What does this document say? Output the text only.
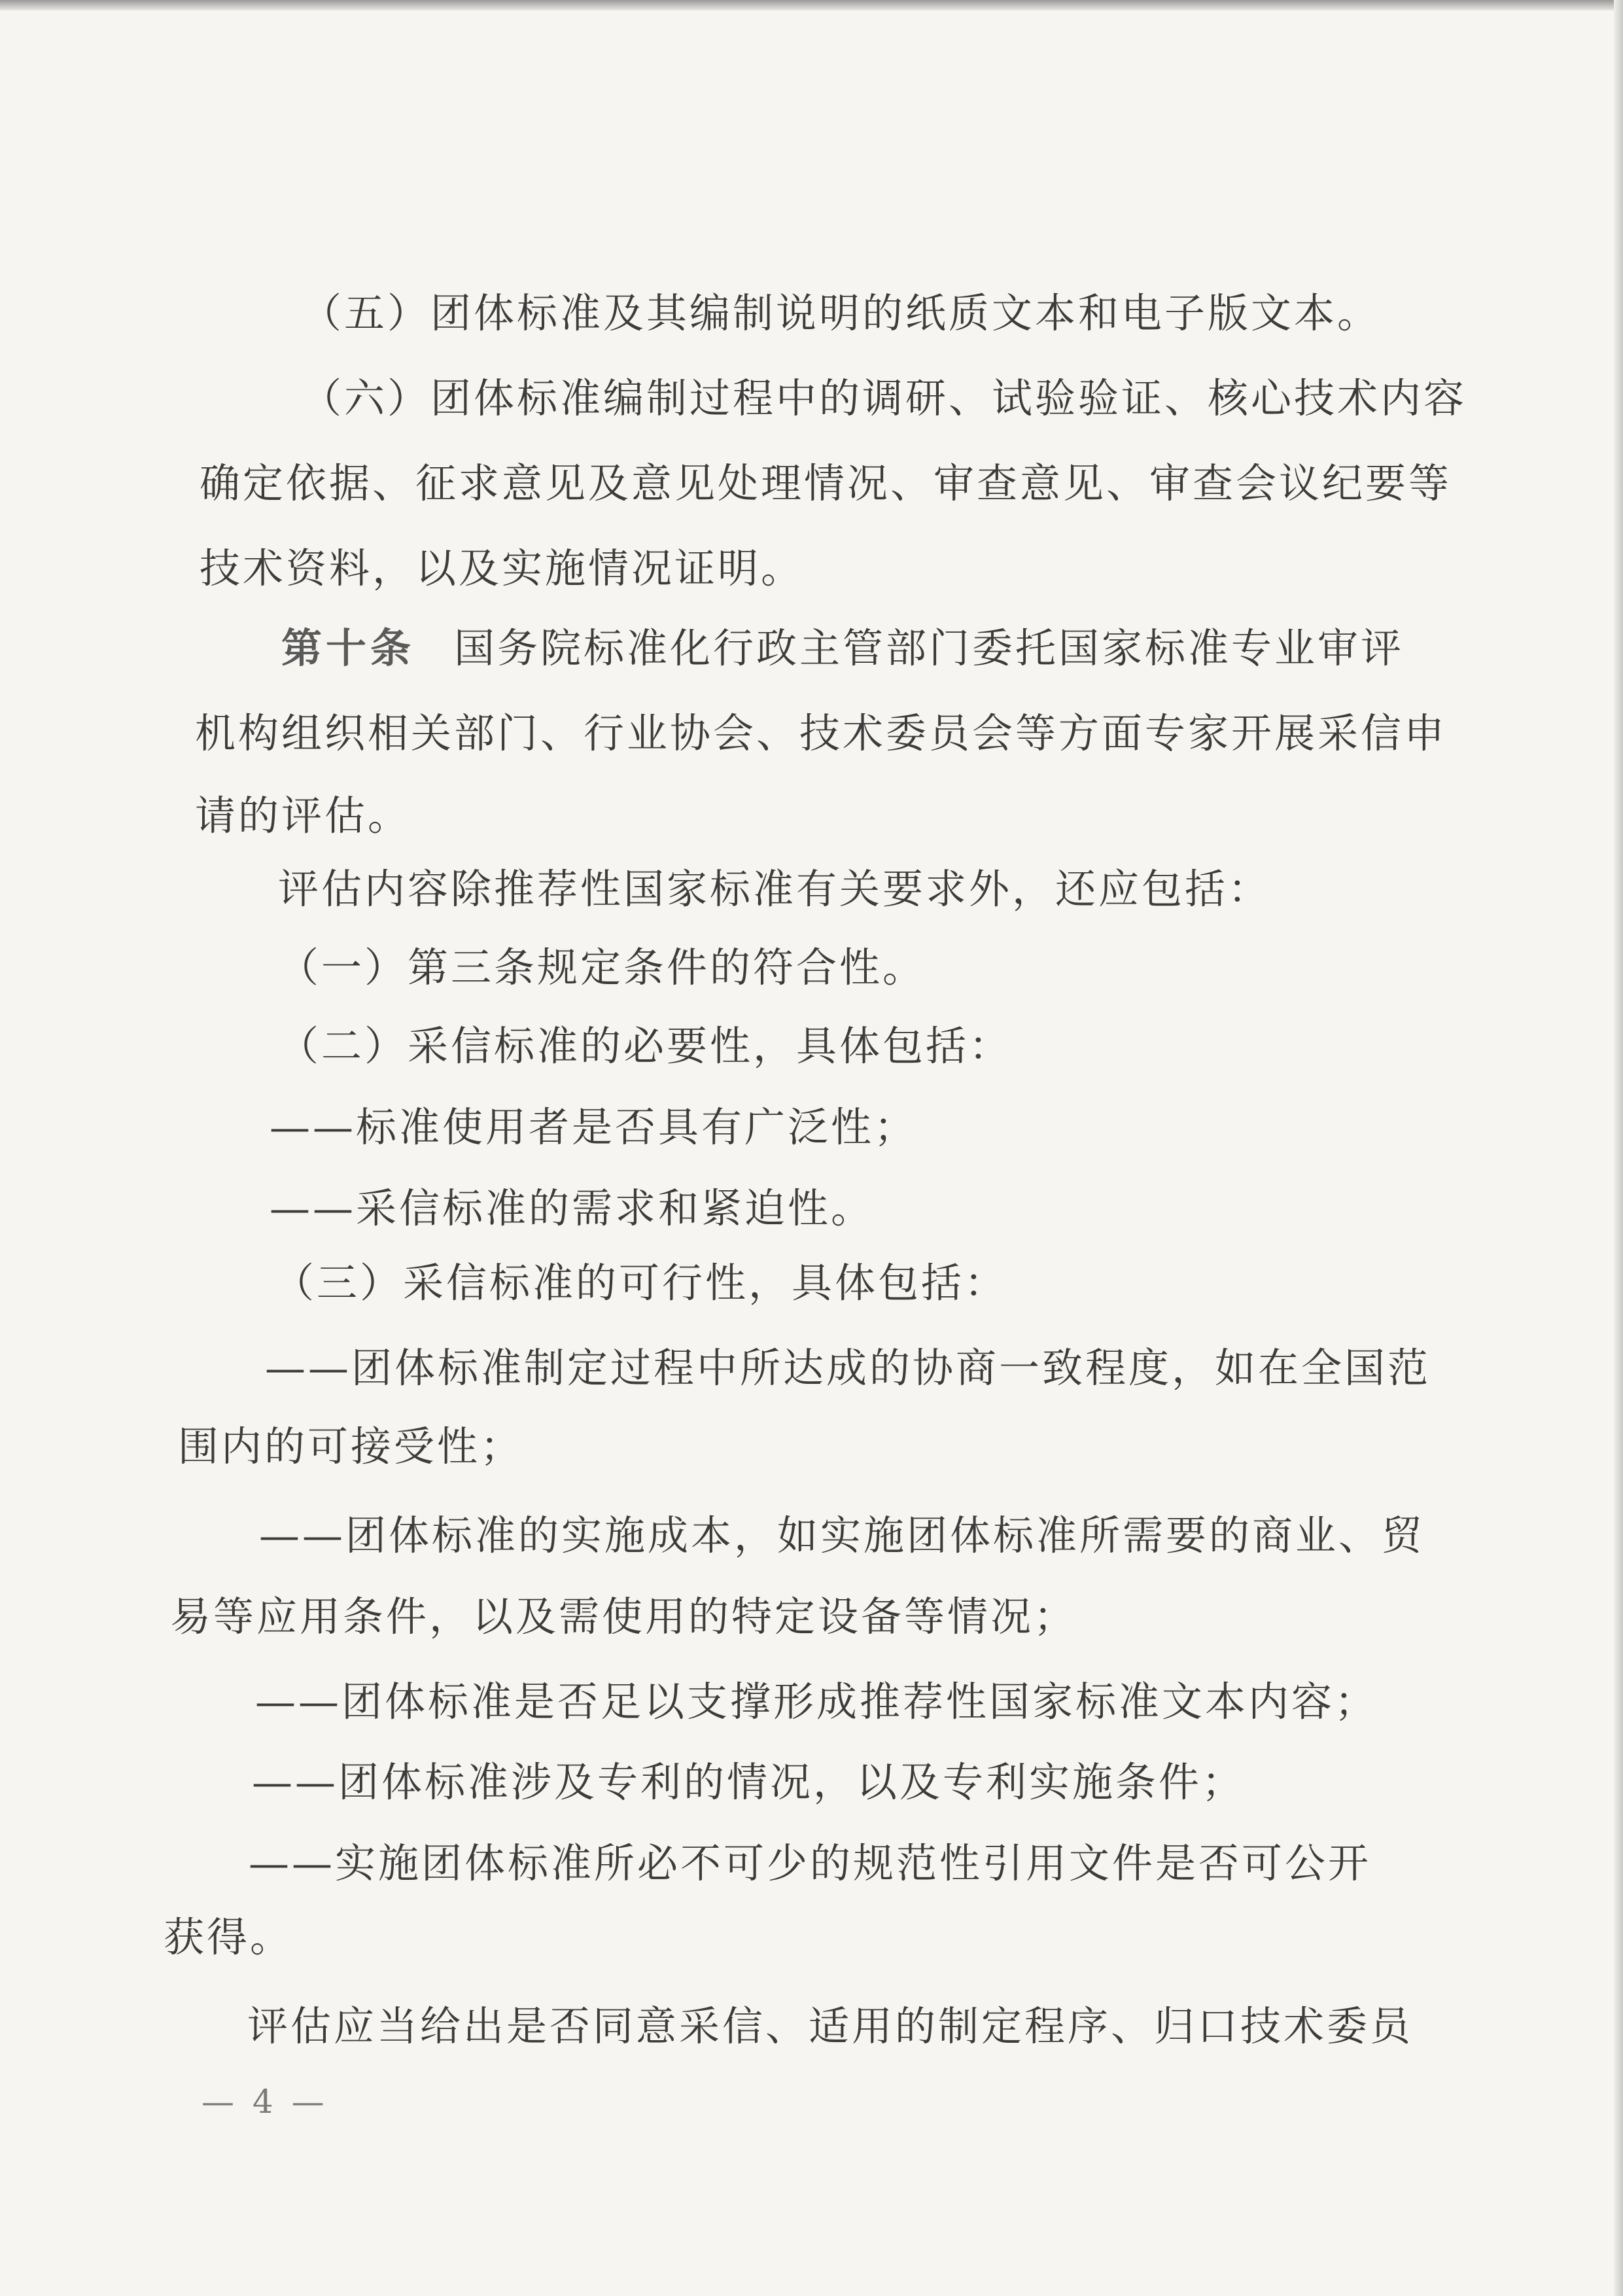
（五）团体标准及其编制说明的纸质文本和电子版文本。
（六）团体标准编制过程中的调研、试验验证、核心技术内容
确定依据、征求意见及意见处理情况、审查意见、审查会议纪要等
技术资料，以及实施情况证明。
第十条 国务院标准化行政主管部门委托国家标准专业审评
机构组织相关部门、行业协会、技术委员会等方面专家开展采信申
请的评估。
评估内容除推荐性国家标准有关要求外，还应包括：
（一）第三条规定条件的符合性。
（二）采信标准的必要性，具体包括：
——标准使用者是否具有广泛性；
——采信标准的需求和紧迫性。
（三）采信标准的可行性，具体包括：
——团体标准制定过程中所达成的协商一致程度，如在全国范
围内的可接受性；
——团体标准的实施成本，如实施团体标准所需要的商业、贸
易等应用条件，以及需使用的特定设备等情况；
——团体标准是否足以支撑形成推荐性国家标准文本内容；
——团体标准涉及专利的情况，以及专利实施条件；
——实施团体标准所必不可少的规范性引用文件是否可公开
获得。
评估应当给出是否同意采信、适用的制定程序、归口技术委员
— 4 —
